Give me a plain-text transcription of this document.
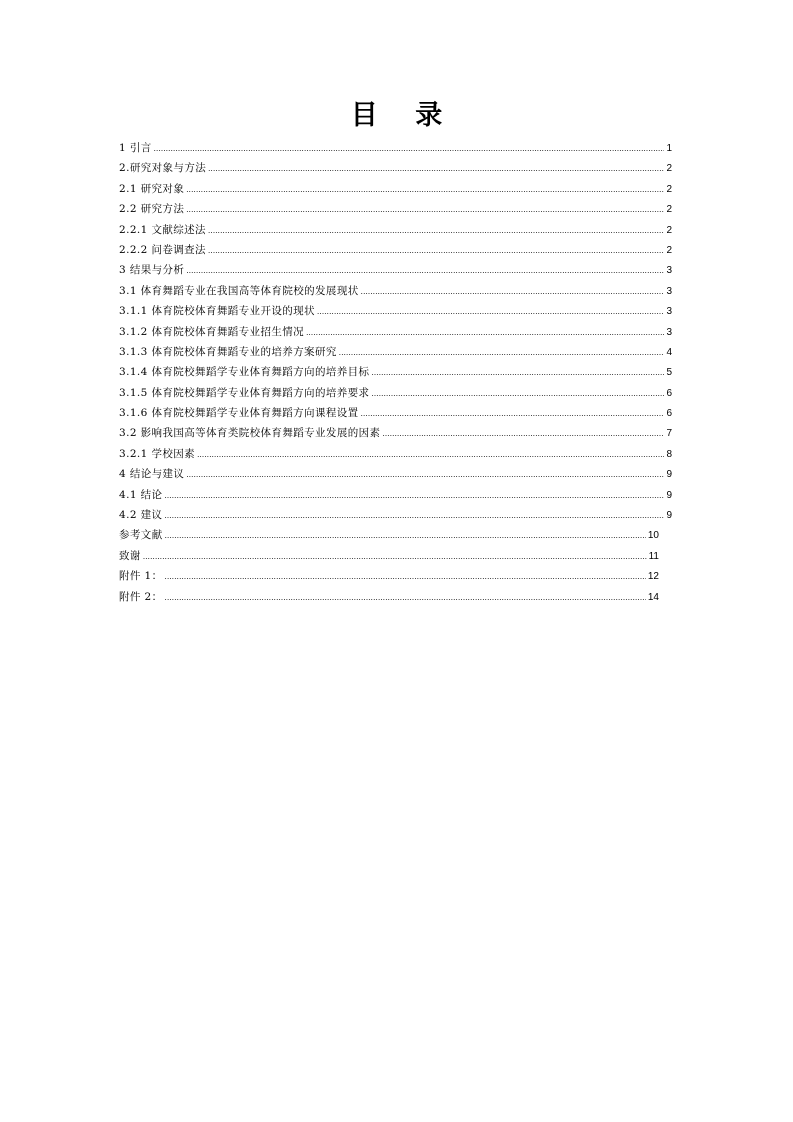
目 录
1 引言 .....	1
2.研究对象与方法 .....	2
2.1 研究对象 .....	2
2.2 研究方法 .....	2
2.2.1 文献综述法 .....	2
2.2.2 问卷调查法 .....	2
3 结果与分析 .....	3
3.1 体育舞蹈专业在我国高等体育院校的发展现状 .....	3
3.1.1 体育院校体育舞蹈专业开设的现状 .....	3
3.1.2 体育院校体育舞蹈专业招生情况 .....	3
3.1.3 体育院校体育舞蹈专业的培养方案研究 .....	4
3.1.4 体育院校舞蹈学专业体育舞蹈方向的培养目标 .....	5
3.1.5 体育院校舞蹈学专业体育舞蹈方向的培养要求 .....	6
3.1.6 体育院校舞蹈学专业体育舞蹈方向课程设置 .....	6
3.2 影响我国高等体育类院校体育舞蹈专业发展的因素 .....	7
3.2.1 学校因素 .....	8
4 结论与建议 .....	9
4.1 结论 .....	9
4.2 建议 .....	9
参考文献 .....	10
致谢 .....	11
附件 1： .....	12
附件 2： .....	14
